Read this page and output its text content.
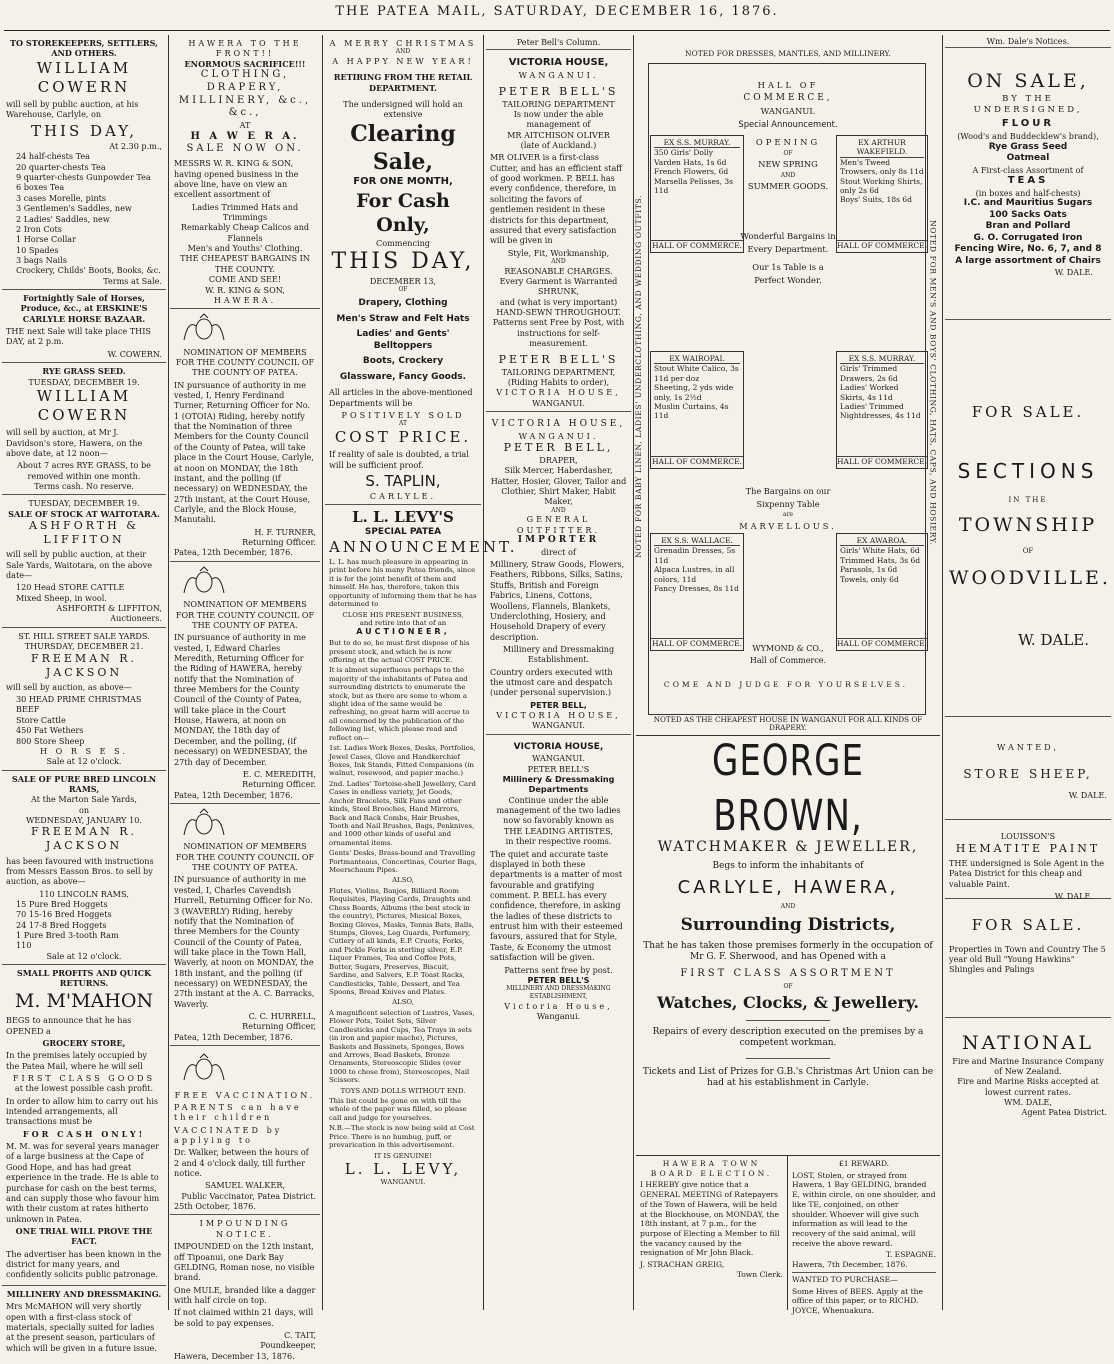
THE PATEA MAIL, SATURDAY, DECEMBER 16, 1876.
TO STOREKEEPERS, SETTLERS, AND OTHERS.
WILLIAM COWERN
will sell by public auction, at his Warehouse, Carlyle, on
THIS DAY,
At 2.30 p.m.,
24 half-chests Tea
20 quarter-chests Tea
9 quarter-chests Gunpowder Tea
6 boxes Tea
3 cases Morelle, pints
3 Gentlemen's Saddles, new
2 Ladies' Saddles, new
2 Iron Cots
1 Horse Collar
10 Spades
3 bags Nails
Crockery, Childs' Boots, Books, &c.
Terms at Sale.
Fortnightly Sale of Horses, Produce, &c., at ERSKINE'S CARLYLE HORSE BAZAAR.
THE next Sale will take place THIS DAY, at 2 p.m.
W. COWERN.
RYE GRASS SEED.
TUESDAY, DECEMBER 19.
WILLIAM COWERN
will sell by auction, at Mr J. Davidson's store, Hawera, on the above date, at 12 noon—
About 7 acres RYE GRASS, to be removed within one month.
Terms cash. No reserve.
TUESDAY, DECEMBER 19.
SALE OF STOCK AT WAITOTARA.
ASHFORTH & LIFFITON
will sell by public auction, at their Sale Yards, Waitotara, on the above date—
120 Head STORE CATTLE
Mixed Sheep, in wool.
ASHFORTH & LIFFITON, Auctioneers.
ST. HILL STREET SALE YARDS.
THURSDAY, DECEMBER 21.
FREEMAN R. JACKSON
will sell by auction, as above—
30 HEAD PRIME CHRISTMAS BEEF
Store Cattle
450 Fat Wethers
800 Store Sheep
H O R S E S.
Sale at 12 o'clock.
SALE OF PURE BRED LINCOLN RAMS,
At the Marton Sale Yards,
on
WEDNESDAY, JANUARY 10.
FREEMAN R. JACKSON
has been favoured with instructions from Messrs Easson Bros. to sell by auction, as above—
110 LINCOLN RAMS.
15 Pure Bred Hoggets
70 15-16 Bred Hoggets
24 17-8 Bred Hoggets
1 Pure Bred 3-tooth Ram
110
Sale at 12 o'clock.
SMALL PROFITS AND QUICK RETURNS.
M. M'MAHON
BEGS to announce that he has OPENED a
GROCERY STORE,
In the premises lately occupied by the Patea Mail, where he will sell
FIRST CLASS GOODS
at the lowest possible cash profit.
In order to allow him to carry out his intended arrangements, all transactions must be
FOR CASH ONLY!
M. M. was for several years manager of a large business at the Cape of Good Hope, and has had great experience in the trade. He is able to purchase for cash on the best terms, and can supply those who favour him with their custom at rates hitherto unknown in Patea.
ONE TRIAL WILL PROVE THE FACT.
The advertiser has been known in the district for many years, and confidently solicits public patronage.
MILLINERY AND DRESSMAKING.
Mrs McMAHON will very shortly open with a first-class stock of materials, specially suited for ladies at the present season, particulars of which will be given in a future issue.
HAWERA TO THE FRONT!!
ENORMOUS SACRIFICE!!!
CLOTHING, DRAPERY, MILLINERY, &c., &c.,
AT
H A W E R A.
SALE NOW ON.
MESSRS W. R. KING & SON, having opened business in the above line, have on view an excellent assortment of
Ladies Trimmed Hats and Trimmings
Remarkably Cheap Calicos and Flannels
Men's and Youths' Clothing.
THE CHEAPEST BARGAINS IN THE COUNTY.
COME AND SEE!
W. R. KING & SON,
HAWERA.
NOMINATION OF MEMBERS FOR THE COUNTY COUNCIL OF THE COUNTY OF PATEA.
IN pursuance of authority in me vested, I, Henry Ferdinand Turner, Returning Officer for No. 1 (OTOIA) Riding, hereby notify that the Nomination of three Members for the County Council of the County of Patea, will take place in the Court House, Carlyle, at noon on MONDAY, the 18th instant, and the polling (if necessary) on WEDNESDAY, the 27th instant, at the Court House, Carlyle, and the Block House, Manutahi.
H. F. TURNER,
Returning Officer.
Patea, 12th December, 1876.
NOMINATION OF MEMBERS FOR THE COUNTY COUNCIL OF THE COUNTY OF PATEA.
IN pursuance of authority in me vested, I, Edward Charles Meredith, Returning Officer for the Riding of HAWERA, hereby notify that the Nomination of three Members for the County Council of the County of Patea, will take place in the Court House, Hawera, at noon on MONDAY, the 18th day of December, and the polling, (if necessary) on WEDNESDAY, the 27th day of December.
E. C. MEREDITH,
Returning Officer.
Patea, 12th December, 1876.
NOMINATION OF MEMBERS FOR THE COUNTY COUNCIL OF THE COUNTY OF PATEA.
IN pursuance of authority in me vested, I, Charles Cavendish Hurrell, Returning Officer for No. 3 (WAVERLY) Riding, hereby notify that the Nomination of three Members for the County Council of the County of Patea, will take place in the Town Hall, Waverly, at noon on MONDAY, the 18th instant, and the polling (if necessary) on WEDNESDAY, the 27th instant at the A. C. Barracks, Waverly.
C. C. HURRELL,
Returning Officer,
Patea, 12th December, 1876.
FREE VACCINATION.
PARENTS can have their children
VACCINATED by applying to
Dr. Walker, between the hours of 2 and 4 o'clock daily, till further notice.
SAMUEL WALKER,
Public Vaccinator, Patea District.
25th October, 1876.
IMPOUNDING NOTICE.
IMPOUNDED on the 12th instant, off Tipoanui, one Dark Bay GELDING, Roman nose, no visible brand.
One MULE, branded like a dagger with half circle on top.
If not claimed within 21 days, will be sold to pay expenses.
C. TAIT,
Poundkeeper,
Hawera, December 13, 1876.
A MERRY CHRISTMAS
AND
A HAPPY NEW YEAR!
RETIRING FROM THE RETAIL DEPARTMENT.
The undersigned will hold an
extensive
Clearing Sale,
FOR ONE MONTH,
For Cash Only,
Commencing
THIS DAY,
DECEMBER 13,
OF
Drapery, Clothing
Men's Straw and Felt Hats
Ladies' and Gents' Belltoppers
Boots, Crockery
Glassware, Fancy Goods.
All articles in the above-mentioned Departments will be
POSITIVELY SOLD
AT
COST PRICE.
If reality of sale is doubted, a trial will be sufficient proof.
S. TAPLIN,
CARLYLE.
L. L. LEVY'S
SPECIAL PATEA
ANNOUNCEMENT.
L. L. has much pleasure in appearing in print before his many Patea friends, since it is for the joint benefit of them and himself. He has, therefore, taken this opportunity of informing them that he has determined to
CLOSE HIS PRESENT BUSINESS,
and retire into that of an
AUCTIONEER,
But to do so, he must first dispose of his present stock, and which he is now offering at the actual COST PRICE.
It is almost superfluous perhaps to the majority of the inhabitants of Patea and surrounding districts to enumerate the stock, but as there are some to whom a slight idea of the same would be refreshing, no great harm will accrue to all concerned by the publication of the following list, which please read and reflect on—
1st. Ladies Work Boxes, Desks, Portfolios, Jewel Cases, Glove and Handkerchief Boxes, Ink Stands, Fitted Companions (in walnut, rosewood, and papier mache.)
2nd. Ladies' Tortoise-shell Jewellery, Card Cases in endless variety, Jet Goods, Anchor Bracelets, Silk Fans and other kinds, Steel Brooches, Hand Mirrors, Back and Rack Combs, Hair Brushes, Tooth and Nail Brushes, Bags, Penknives, and 1000 other kinds of useful and ornamental items.
Gents' Desks, Brass-bound and Travelling Portmanteaus, Concertinas, Courier Bags, Meerschaum Pipes.
ALSO,
Flutes, Violins, Banjos, Billiard Room Requisites, Playing Cards, Draughts and Chess Boards, Albums (the best stock in the country), Pictures, Musical Boxes, Boxing Gloves, Masks, Tennis Bats, Balls, Stumps, Gloves, Leg Guards, Perfumery, Cutlery of all kinds, E.P. Cruets, Forks, and Pickle Forks in sterling silver, E.P. Liquor Frames, Tea and Coffee Pots, Butter, Sugars, Preserves, Biscuit, Sardine, and Salvers, E.P. Toast Racks, Candlesticks, Table, Dessert, and Tea Spoons, Bread Knives and Plates.
ALSO,
A magnificent selection of Lustres, Vases, Flower Pots, Toilet Sets, Silver Candlesticks and Cups, Tea Trays in sets (in iron and papier mache), Pictures, Baskets and Bassinets, Sponges, Bows and Arrows, Bead Baskets, Bronze Ornaments, Stereoscopic Slides (over 1000 to chose from), Stereoscopes, Nail Scissors.
TOYS AND DOLLS WITHOUT END.
This list could be gone on with till the whole of the paper was filled, so please call and judge for yourselves.
N.B.—The stock is now being sold at Cost Price. There is no humbug, puff, or prevarication in this advertisement.
IT IS GENUINE!
L. L. LEVY,
WANGANUI.
Peter Bell's Column.
VICTORIA HOUSE,
WANGANUI.
PETER BELL'S
TAILORING DEPARTMENT
Is now under the able management of
MR AITCHISON OLIVER
(late of Auckland.)
MR OLIVER is a first-class Cutter, and has an efficient staff of good workmen. P. BELL has every confidence, therefore, in soliciting the favors of gentlemen resident in these districts for this department, assured that every satisfaction will be given in
Style, Fit, Workmanship,
AND
REASONABLE CHARGES.
Every Garment is Warranted
SHRUNK,
and (what is very important)
HAND-SEWN THROUGHOUT.
Patterns sent Free by Post, with instructions for self-measurement.
PETER BELL'S
TAILORING DEPARTMENT,
(Riding Habits to order),
VICTORIA HOUSE,
WANGANUI.
VICTORIA HOUSE,
WANGANUI.
PETER BELL,
DRAPER,
Silk Mercer, Haberdasher, Hatter, Hosier, Glover, Tailor and Clothier, Shirt Maker, Habit Maker,
AND
GENERAL OUTFITTER.
IMPORTER
direct of
Millinery, Straw Goods, Flowers, Feathers, Ribbons, Silks, Satins, Stuffs, British and Foreign Fabrics, Linens, Cottons, Woollens, Flannels, Blankets, Underclothing, Hosiery, and Household Drapery of every description.
Millinery and Dressmaking Establishment.
Country orders executed with the utmost care and despatch (under personal supervision.)
PETER BELL,
VICTORIA HOUSE,
WANGANUI.
VICTORIA HOUSE,
WANGANUI.
PETER BELL'S
Millinery & Dressmaking Departments
Continue under the able management of the two ladies now so favorably known as
THE LEADING ARTISTES,
in their respective rooms.
The quiet and accurate taste displayed in both these departments is a matter of most favourable and gratifying comment. P. BELL has every confidence, therefore, in asking the ladies of these districts to entrust him with their esteemed favours, assured that for Style, Taste, & Economy the utmost satisfaction will be given.
Patterns sent free by post.
PETER BELL'S
MILLINERY AND DRESSMAKING ESTABLISHMENT,
Victoria House,
Wanganui.
NOTED FOR DRESSES, MANTLES, AND MILLINERY.
NOTED FOR BABY LINEN, LADIES' UNDERCLOTHING, AND WEDDING OUTFITS.	NOTED FOR MEN'S AND BOYS' CLOTHING, HATS, CAPS, AND HOSIERY.
HALL OF
COMMERCE,
WANGANUI.
Special Announcement.
OPENING
OF
NEW SPRING
AND
SUMMER GOODS.
Wonderful Bargains in
Every Department.
Our 1s Table is a
Perfect Wonder.
The Bargains on our
Sixpenny Table
are
MARVELLOUS.
WYMOND & CO.,
Hall of Commerce.
COME AND JUDGE FOR YOURSELVES.
EX S.S. MURRAY.
350 Girls' Dolly Varden Hats, 1s 6d
French Flowers, 6d
Marsella Pelisses, 3s 11d
HALL OF COMMERCE.
EX ARTHUR WAKEFIELD.
Men's Tweed Trowsers, only 8s 11d
Stout Working Shirts, only 2s 6d
Boys' Suits, 18s 6d
HALL OF COMMERCE.
EX WAIROPAI.
Stout White Calico, 3s 11d per doz
Sheeting, 2 yds wide only, 1s 2½d
Muslin Curtains, 4s 11d
HALL OF COMMERCE.
EX S.S. MURRAY.
Girls' Trimmed Drawers, 2s 6d
Ladies' Worked Skirts, 4s 11d
Ladies' Trimmed Nightdresses, 4s 11d
HALL OF COMMERCE.
EX S.S. WALLACE.
Grenadin Dresses, 5s 11d
Alpaca Lustres, in all colors, 11d
Fancy Dresses, 8s 11d
HALL OF COMMERCE.
EX AWAROA.
Girls' White Hats, 6d
Trimmed Hats, 3s 6d
Parasols, 1s 6d
Towels, only 6d
HALL OF COMMERCE.
NOTED AS THE CHEAPEST HOUSE IN WANGANUI FOR ALL KINDS OF DRAPERY.
GEORGE BROWN,
WATCHMAKER & JEWELLER,
Begs to inform the inhabitants of
CARLYLE, HAWERA,
AND
Surrounding Districts,
That he has taken those premises formerly in the occupation of Mr G. F. Sherwood, and has Opened with a
FIRST CLASS ASSORTMENT
OF
Watches, Clocks, & Jewellery.
Repairs of every description executed on the premises by a competent workman.
Tickets and List of Prizes for G.B.'s Christmas Art Union can be had at his establishment in Carlyle.
HAWERA TOWN BOARD ELECTION.
I HEREBY give notice that a GENERAL MEETING of Ratepayers of the Town of Hawera, will be held at the Blockhouse, on MONDAY, the 18th instant, at 7 p.m., for the purpose of Electing a Member to fill the vacancy caused by the resignation of Mr John Black.
J. STRACHAN GREIG,
Town Clerk.
£1 REWARD.
LOST, Stolen, or strayed from Hawera, 1 Bay GELDING, branded E, within circle, on one shoulder, and like TE, conjoined, on other shoulder. Whoever will give such information as will lead to the recovery of the said animal, will receive the above reward.
T. ESPAGNE.
Hawera, 7th December, 1876.
WANTED TO PURCHASE—
Some Hives of BEES. Apply at the office of this paper, or to RICHD. JOYCE, Whenuakura.
Wm. Dale's Notices.
ON SALE,
BY THE UNDERSIGNED,
FLOUR
(Wood's and Buddecklew's brand),
Rye Grass Seed
Oatmeal
A First-class Assortment of
TEAS
(in boxes and half-chests)
I.C. and Mauritius Sugars
100 Sacks Oats
Bran and Pollard
G. O. Corrugated Iron
Fencing Wire, No. 6, 7, and 8
A large assortment of Chairs
W. DALE.
FOR SALE.
SECTIONS
IN THE
TOWNSHIP
OF
WOODVILLE.
W. DALE.
WANTED,
STORE SHEEP,
W. DALE.
LOUISSON'S
HEMATITE PAINT
THE undersigned is Sole Agent in the Patea District for this cheap and valuable Paint.
W. DALE.
FOR SALE.
Properties in Town and Country The 5 year old Bull "Young Hawkins" Shingles and Palings
NATIONAL
Fire and Marine Insurance Company of New Zealand.
Fire and Marine Risks accepted at lowest current rates.
WM. DALE,
Agent Patea District.
